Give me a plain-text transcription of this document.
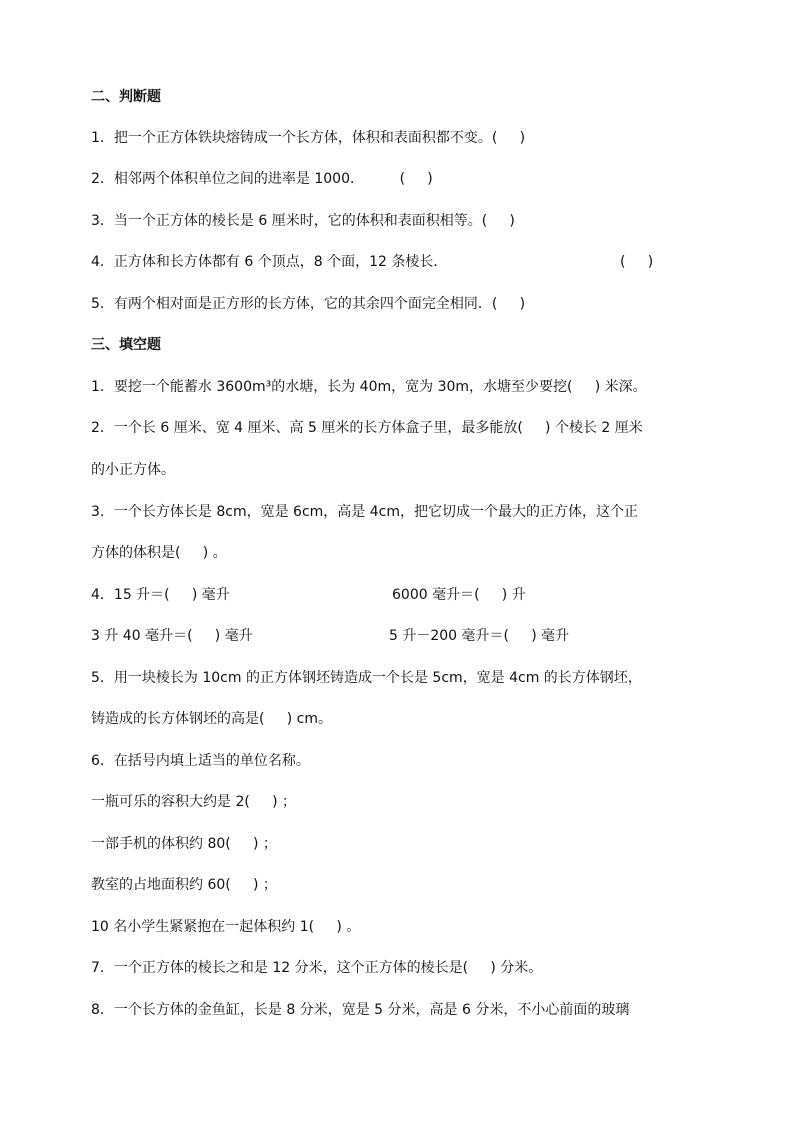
二、判断题
1．把一个正方体铁块熔铸成一个长方体，体积和表面积都不变。(     )
2．相邻两个体积单位之间的进率是 1000．        (     )
3．当一个正方体的棱长是 6 厘米时，它的体积和表面积相等。(     )
4．正方体和长方体都有 6 个顶点，8 个面，12 条棱长．	(     )
5．有两个相对面是正方形的长方体，它的其余四个面完全相同．(     )
三、填空题
1．要挖一个能蓄水 3600m³的水塘，长为 40m，宽为 30m，水塘至少要挖(     ) 米深。
2．一个长 6 厘米、宽 4 厘米、高 5 厘米的长方体盒子里，最多能放(     ) 个棱长 2 厘米
的小正方体。
3．一个长方体长是 8cm，宽是 6cm，高是 4cm，把它切成一个最大的正方体，这个正
方体的体积是(     ) 。
4．15 升＝(     ) 毫升	6000 毫升＝(     ) 升
3 升 40 毫升＝(     ) 毫升	5 升－200 毫升＝(     ) 毫升
5．用一块棱长为 10cm 的正方体钢坯铸造成一个长是 5cm，宽是 4cm 的长方体钢坯，
铸造成的长方体钢坯的高是(     ) cm。
6．在括号内填上适当的单位名称。
一瓶可乐的容积大约是 2(     ) ；
一部手机的体积约 80(     ) ；
教室的占地面积约 60(     ) ；
10 名小学生紧紧抱在一起体积约 1(     ) 。
7．一个正方体的棱长之和是 12 分米，这个正方体的棱长是(     ) 分米。
8．一个长方体的金鱼缸，长是 8 分米，宽是 5 分米，高是 6 分米，不小心前面的玻璃
